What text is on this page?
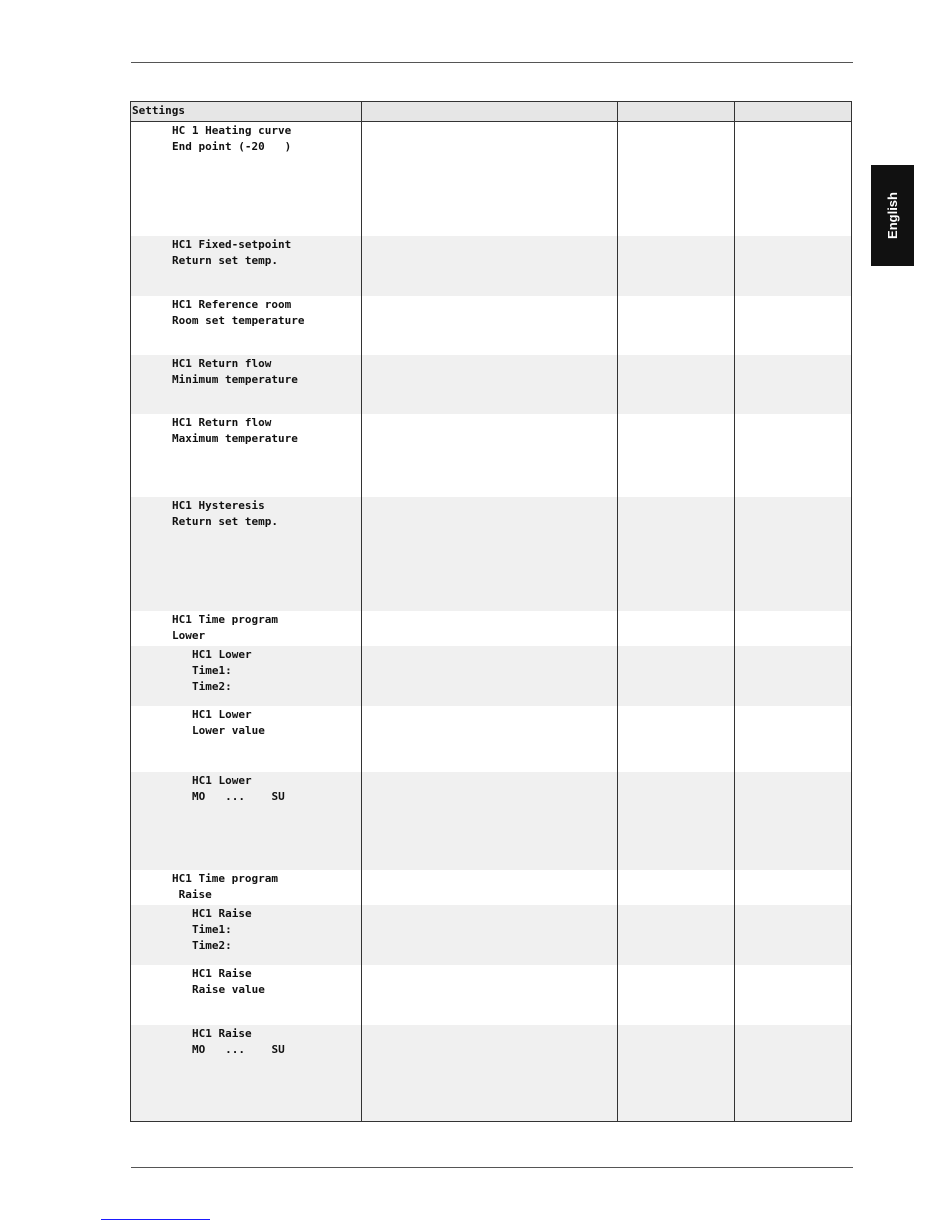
English
Settings
HC 1 Heating curve
End point (-20   )
HC1 Fixed-setpoint
Return set temp.
HC1 Reference room
Room set temperature
HC1 Return flow
Minimum temperature
HC1 Return flow
Maximum temperature
HC1 Hysteresis
Return set temp.
HC1 Time program
Lower
HC1 Lower
Time1:
Time2:
HC1 Lower
Lower value
HC1 Lower
MO   ...    SU
HC1 Time program
Raise
HC1 Raise
Time1:
Time2:
HC1 Raise
Raise value
HC1 Raise
MO   ...    SU
